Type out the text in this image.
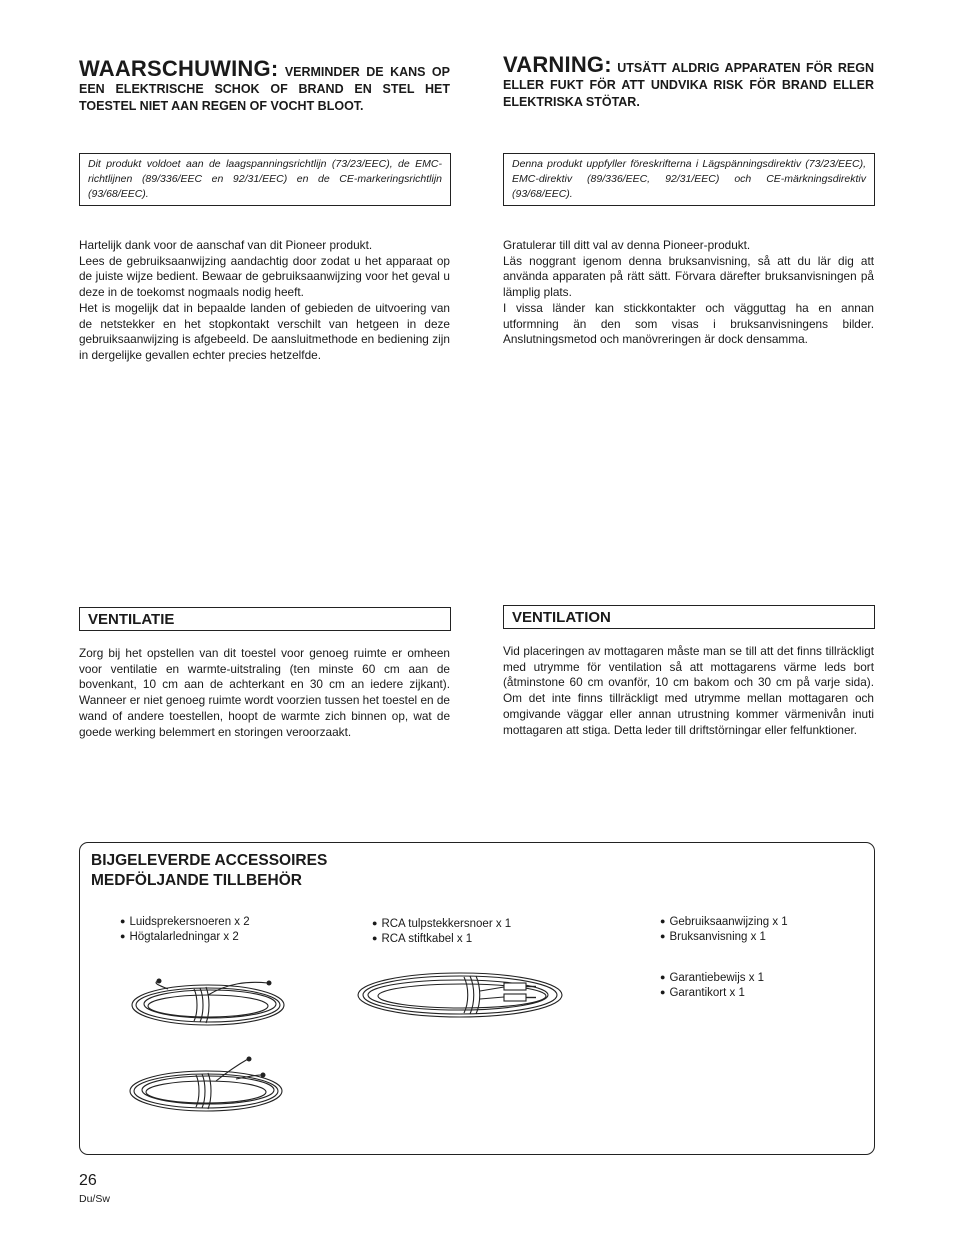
WAARSCHUWING: VERMINDER DE KANS OP EEN ELEKTRISCHE SCHOK OF BRAND EN STEL HET TOESTEL NIET AAN REGEN OF VOCHT BLOOT.
Dit produkt voldoet aan de laagspanningsrichtlijn (73/23/EEC), de EMC-richtlijnen (89/336/EEC en 92/31/EEC) en de CE-markeringsrichtlijn (93/68/EEC).

Hartelijk dank voor de aanschaf van dit Pioneer produkt.

Lees de gebruiksaanwijzing aandachtig door zodat u het apparaat op de juiste wijze bedient. Bewaar de gebruiksaanwijzing voor het geval u deze in de toekomst nogmaals nodig heeft.

Het is mogelijk dat in bepaalde landen of gebieden de uitvoering van de netstekker en het stopkontakt verschilt van hetgeen in deze gebruiksaanwijzing is afgebeeld. De aansluitmethode en bediening zijn in dergelijke gevallen echter precies hetzelfde.

VENTILATIE

Zorg bij het opstellen van dit toestel voor genoeg ruimte er omheen voor ventilatie en warmte-uitstraling (ten minste 60 cm aan de bovenkant, 10 cm aan de achterkant en 30 cm an iedere zijkant). Wanneer er niet genoeg ruimte wordt voorzien tussen het toestel en de wand of andere toestellen, hoopt de warmte zich binnen op, wat de goede werking belemmert en storingen veroorzaakt.

VARNING: UTSÄTT ALDRIG APPARATEN FÖR REGN ELLER FUKT FÖR ATT UNDVIKA RISK FÖR BRAND ELLER ELEKTRISKA STÖTAR.
Denna produkt uppfyller föreskrifterna i Lägspänningsdirektiv (73/23/EEC), EMC-direktiv (89/336/EEC, 92/31/EEC) och CE-märkningsdirektiv (93/68/EEC).

Gratulerar till ditt val av denna Pioneer-produkt.

Läs noggrant igenom denna bruksanvisning, så att du lär dig att använda apparaten på rätt sätt. Förvara därefter bruksanvisningen på lämplig plats.

I vissa länder kan stickkontakter och vägguttag ha en annan utformning än den som visas i bruksanvisningens bilder. Anslutningsmetod och manövreringen är dock densamma.

VENTILATION

Vid placeringen av mottagaren måste man se till att det finns tillräckligt med utrymme för ventilation så att mottagarens värme leds bort (åtminstone 60 cm ovanför, 10 cm bakom och 30 cm på varje sida). Om det inte finns tillräckligt med utrymme mellan mottagaren och omgivande väggar eller annan utrustning kommer värmenivån inuti mottagaren att stiga. Detta leder till driftstörningar eller felfunktioner.

BIJGELEVERDE ACCESSOIRES
MEDFÖLJANDE TILLBEHÖR
● Luidsprekersnoeren x 2
● Högtalarledningar x 2
● RCA tulpstekkersnoer x 1
● RCA stiftkabel x 1
● Gebruiksaanwijzing x 1
● Bruksanvisning x 1
● Garantiebewijs x 1
● Garantikort x 1
26
Du/Sw
